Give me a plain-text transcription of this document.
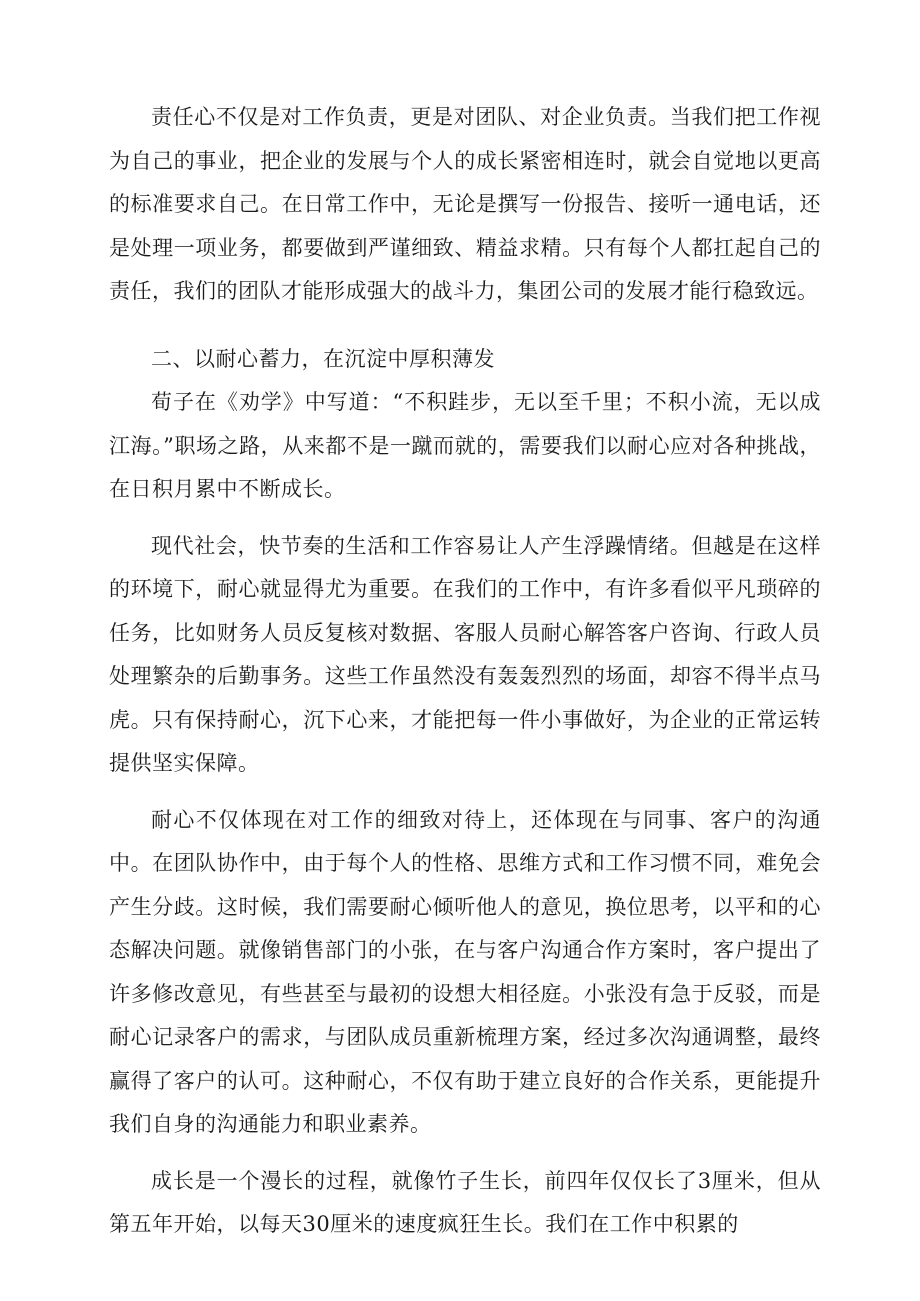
责任心不仅是对工作负责，更是对团队、对企业负责。当我们把工作视为自己的事业，把企业的发展与个人的成长紧密相连时，就会自觉地以更高的标准要求自己。在日常工作中，无论是撰写一份报告、接听一通电话，还是处理一项业务，都要做到严谨细致、精益求精。只有每个人都扛起自己的责任，我们的团队才能形成强大的战斗力，集团公司的发展才能行稳致远。

二、以耐心蓄力，在沉淀中厚积薄发

荀子在《劝学》中写道：“不积跬步，无以至千里；不积小流，无以成江海。”职场之路，从来都不是一蹴而就的，需要我们以耐心应对各种挑战，在日积月累中不断成长。

现代社会，快节奏的生活和工作容易让人产生浮躁情绪。但越是在这样的环境下，耐心就显得尤为重要。在我们的工作中，有许多看似平凡琐碎的任务，比如财务人员反复核对数据、客服人员耐心解答客户咨询、行政人员处理繁杂的后勤事务。这些工作虽然没有轰轰烈烈的场面，却容不得半点马虎。只有保持耐心，沉下心来，才能把每一件小事做好，为企业的正常运转提供坚实保障。

耐心不仅体现在对工作的细致对待上，还体现在与同事、客户的沟通中。在团队协作中，由于每个人的性格、思维方式和工作习惯不同，难免会产生分歧。这时候，我们需要耐心倾听他人的意见，换位思考，以平和的心态解决问题。就像销售部门的小张，在与客户沟通合作方案时，客户提出了许多修改意见，有些甚至与最初的设想大相径庭。小张没有急于反驳，而是耐心记录客户的需求，与团队成员重新梳理方案，经过多次沟通调整，最终赢得了客户的认可。这种耐心，不仅有助于建立良好的合作关系，更能提升我们自身的沟通能力和职业素养。

成长是一个漫长的过程，就像竹子生长，前四年仅仅长了3厘米，但从第五年开始，以每天30厘米的速度疯狂生长。我们在工作中积累的
